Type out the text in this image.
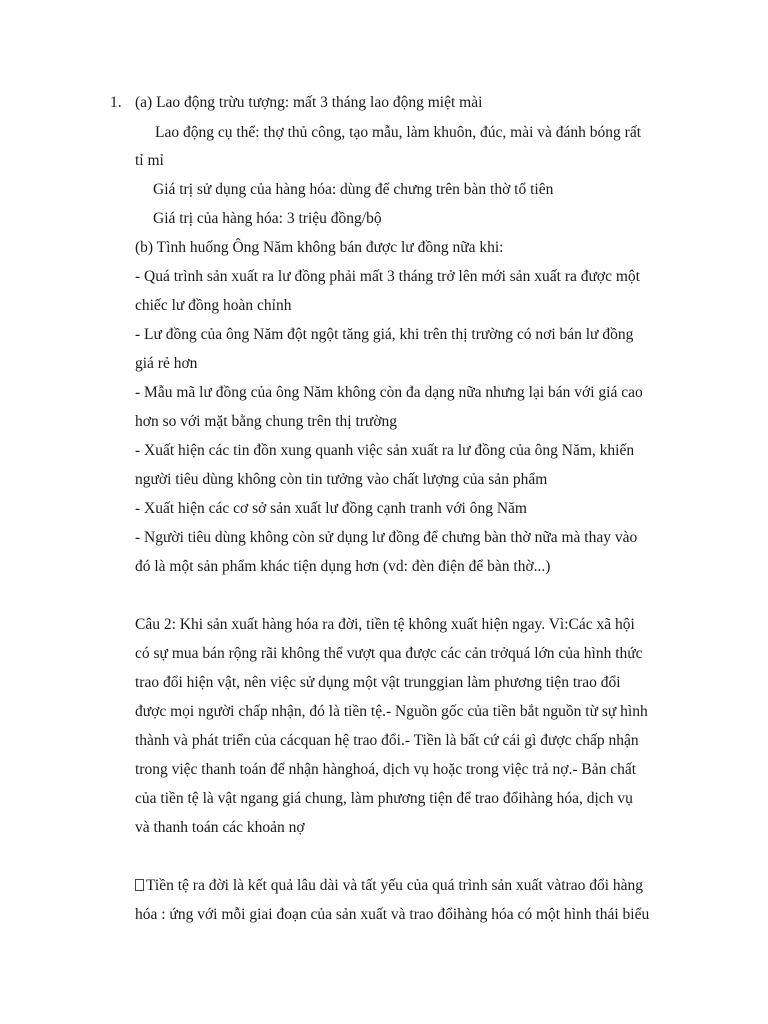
1. (a) Lao động trừu tượng: mất 3 tháng lao động miệt mài
Lao động cụ thể: thợ thủ công, tạo mẫu, làm khuôn, đúc, mài và đánh bóng rất
tỉ mỉ
Giá trị sử dụng của hàng hóa: dùng để chưng trên bàn thờ tổ tiên
Giá trị của hàng hóa: 3 triệu đồng/bộ
(b) Tình huống Ông Năm không bán được lư đồng nữa khi:
- Quá trình sản xuất ra lư đồng phải mất 3 tháng trở lên mới sản xuất ra được một
chiếc lư đồng hoàn chỉnh
- Lư đồng của ông Năm đột ngột tăng giá, khi trên thị trường có nơi bán lư đồng
giá rẻ hơn
- Mẫu mã lư đồng của ông Năm không còn đa dạng nữa nhưng lại bán với giá cao
hơn so với mặt bằng chung trên thị trường
- Xuất hiện các tin đồn xung quanh việc sản xuất ra lư đồng của ông Năm, khiến
người tiêu dùng không còn tin tưởng vào chất lượng của sản phẩm
- Xuất hiện các cơ sở sản xuất lư đồng cạnh tranh với ông Năm
- Người tiêu dùng không còn sử dụng lư đồng để chưng bàn thờ nữa mà thay vào
đó là một sản phẩm khác tiện dụng hơn (vd: đèn điện để bàn thờ...)
Câu 2: Khi sản xuất hàng hóa ra đời, tiền tệ không xuất hiện ngay. Vì:Các xã hội
có sự mua bán rộng rãi không thể vượt qua được các cản trởquá lớn của hình thức
trao đổi hiện vật, nên việc sử dụng một vật trunggian làm phương tiện trao đổi
được mọi người chấp nhận, đó là tiền tệ.- Nguồn gốc của tiền bắt nguồn từ sự hình
thành và phát triển của cácquan hệ trao đổi.- Tiền là bất cứ cái gì được chấp nhận
trong việc thanh toán để nhận hànghoá, dịch vụ hoặc trong việc trả nợ.- Bản chất
của tiền tệ là vật ngang giá chung, làm phương tiện để trao đổihàng hóa, dịch vụ
và thanh toán các khoản nợ
Tiền tệ ra đời là kết quả lâu dài và tất yếu của quá trình sản xuất vàtrao đổi hàng
hóa : ứng với mỗi giai đoạn của sản xuất và trao đổihàng hóa có một hình thái biểu
